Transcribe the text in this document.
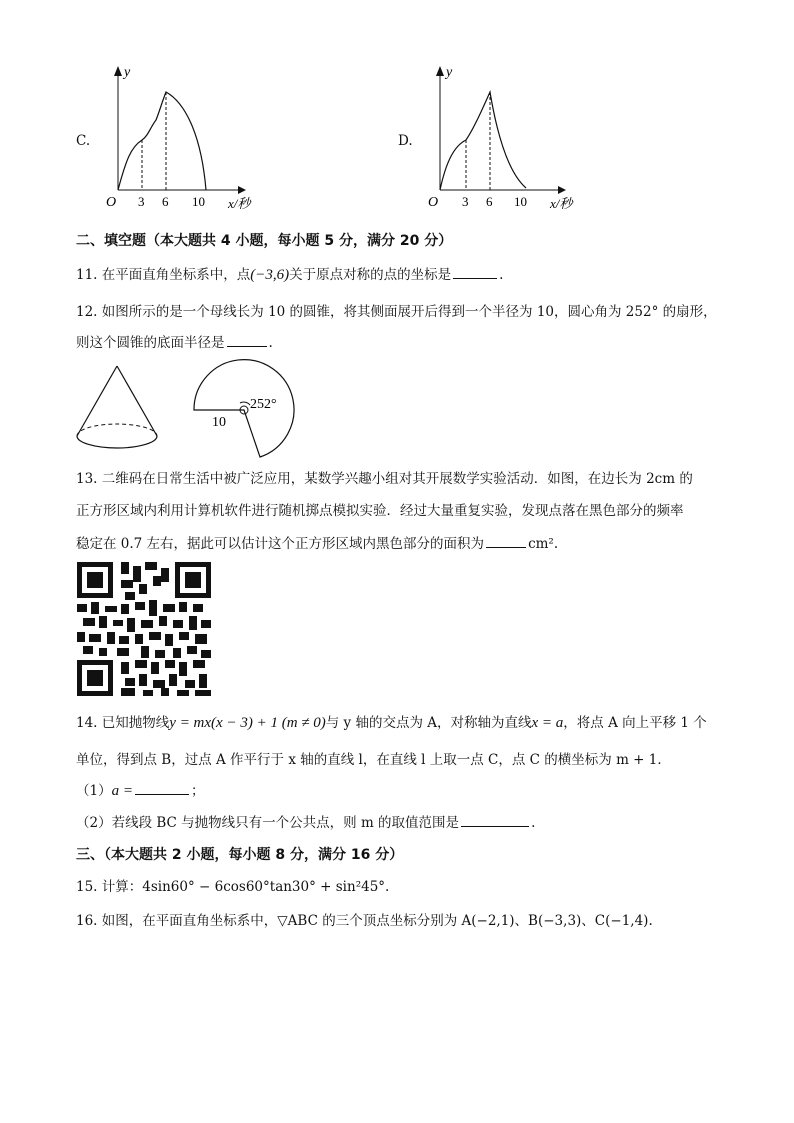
C.
y
O 3 6 10 x/秒
D.
y
O 3 6 10 x/秒
二、填空题（本大题共 4 小题，每小题 5 分，满分 20 分）
11. 在平面直角坐标系中，点(−3,6)关于原点对称的点的坐标是	.
12. 如图所示的是一个母线长为 10 的圆锥，将其侧面展开后得到一个半径为 10，圆心角为 252° 的扇形，
则这个圆锥的底面半径是	.
252°
10
13. 二维码在日常生活中被广泛应用，某数学兴趣小组对其开展数学实验活动．如图，在边长为 2cm 的
正方形区域内利用计算机软件进行随机掷点模拟实验．经过大量重复实验，发现点落在黑色部分的频率
稳定在 0.7 左右，据此可以估计这个正方形区域内黑色部分的面积为	cm².
14. 已知抛物线y = mx(x − 3) + 1 (m ≠ 0)与 y 轴的交点为 A，对称轴为直线x = a，将点 A 向上平移 1 个
单位，得到点 B，过点 A 作平行于 x 轴的直线 l，在直线 l 上取一点 C，点 C 的横坐标为 m + 1．
（1）a =	；
（2）若线段 BC 与抛物线只有一个公共点，则 m 的取值范围是	.
三、（本大题共 2 小题，每小题 8 分，满分 16 分）
15. 计算：4sin60° − 6cos60°tan30° + sin²45°.
16. 如图，在平面直角坐标系中，▽ABC 的三个顶点坐标分别为 A(−2,1)、B(−3,3)、C(−1,4).
